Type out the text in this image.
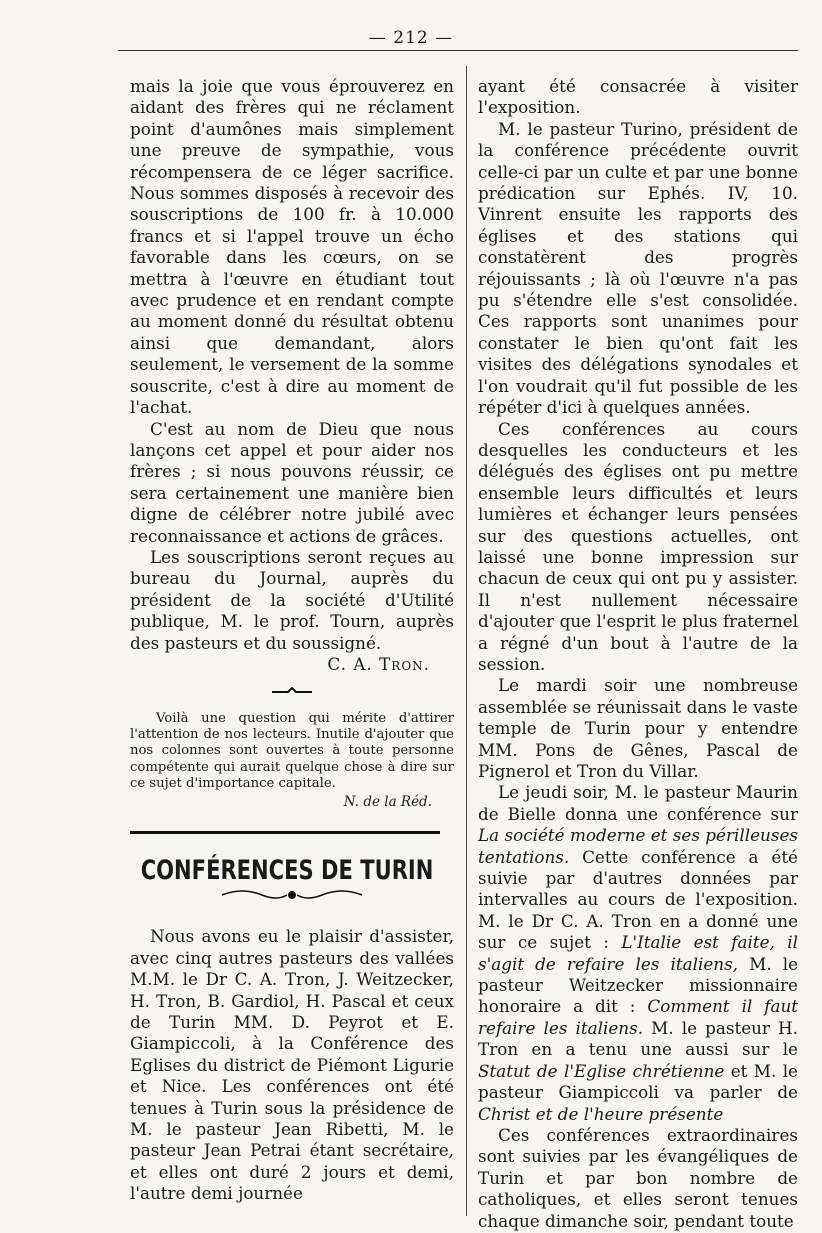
— 212 —

mais la joie que vous éprouverez en aidant des frères qui ne réclament point d'aumônes mais simplement une preuve de sympathie, vous récompensera de ce léger sacrifice. Nous sommes disposés à recevoir des souscriptions de 100 fr. à 10.000 francs et si l'appel trouve un écho favorable dans les cœurs, on se mettra à l'œuvre en étudiant tout avec prudence et en rendant compte au moment donné du résultat obtenu ainsi que demandant, alors seulement, le versement de la somme souscrite, c'est à dire au moment de l'achat.

C'est au nom de Dieu que nous lançons cet appel et pour aider nos frères ; si nous pouvons réussir, ce sera certainement une manière bien digne de célébrer notre jubilé avec reconnaissance et actions de grâces.

Les souscriptions seront reçues au bureau du Journal, auprès du président de la société d'Utilité publique, M. le prof. Tourn, auprès des pasteurs et du soussigné.

C. A. Tron.

Voilà une question qui mérite d'attirer l'attention de nos lecteurs. Inutile d'ajouter que nos colonnes sont ouvertes à toute personne compétente qui aurait quelque chose à dire sur ce sujet d'importance capitale.

N. de la Réd.

CONFÉRENCES DE TURIN

Nous avons eu le plaisir d'assister, avec cinq autres pasteurs des vallées M.M. le Dr C. A. Tron, J. Weitzecker, H. Tron, B. Gardiol, H. Pascal et ceux de Turin MM. D. Peyrot et E. Giampiccoli, à la Conférence des Eglises du district de Piémont Ligurie et Nice. Les conférences ont été tenues à Turin sous la présidence de M. le pasteur Jean Ribetti, M. le pasteur Jean Petrai étant secrétaire, et elles ont duré 2 jours et demi, l'autre demi journée

ayant été consacrée à visiter l'exposition.

M. le pasteur Turino, président de la conférence précédente ouvrit celle-ci par un culte et par une bonne prédication sur Ephés. IV, 10. Vinrent ensuite les rapports des églises et des stations qui constatèrent des progrès réjouissants ; là où l'œuvre n'a pas pu s'étendre elle s'est consolidée. Ces rapports sont unanimes pour constater le bien qu'ont fait les visites des délégations synodales et l'on voudrait qu'il fut possible de les répéter d'ici à quelques années.

Ces conférences au cours desquelles les conducteurs et les délégués des églises ont pu mettre ensemble leurs difficultés et leurs lumières et échanger leurs pensées sur des questions actuelles, ont laissé une bonne impression sur chacun de ceux qui ont pu y assister. Il n'est nullement nécessaire d'ajouter que l'esprit le plus fraternel a régné d'un bout à l'autre de la session.

Le mardi soir une nombreuse assemblée se réunissait dans le vaste temple de Turin pour y entendre MM. Pons de Gênes, Pascal de Pignerol et Tron du Villar.

Le jeudi soir, M. le pasteur Maurin de Bielle donna une conférence sur La société moderne et ses périlleuses tentations. Cette conférence a été suivie par d'autres données par intervalles au cours de l'exposition. M. le Dr C. A. Tron en a donné une sur ce sujet : L'Italie est faite, il s'agit de refaire les italiens, M. le pasteur Weitzecker missionnaire honoraire a dit : Comment il faut refaire les italiens. M. le pasteur H. Tron en a tenu une aussi sur le Statut de l'Eglise chrétienne et M. le pasteur Giampiccoli va parler de Christ et de l'heure présente

Ces conférences extraordinaires sont suivies par les évangéliques de Turin et par bon nombre de catholiques, et elles seront tenues chaque dimanche soir, pendant toute
